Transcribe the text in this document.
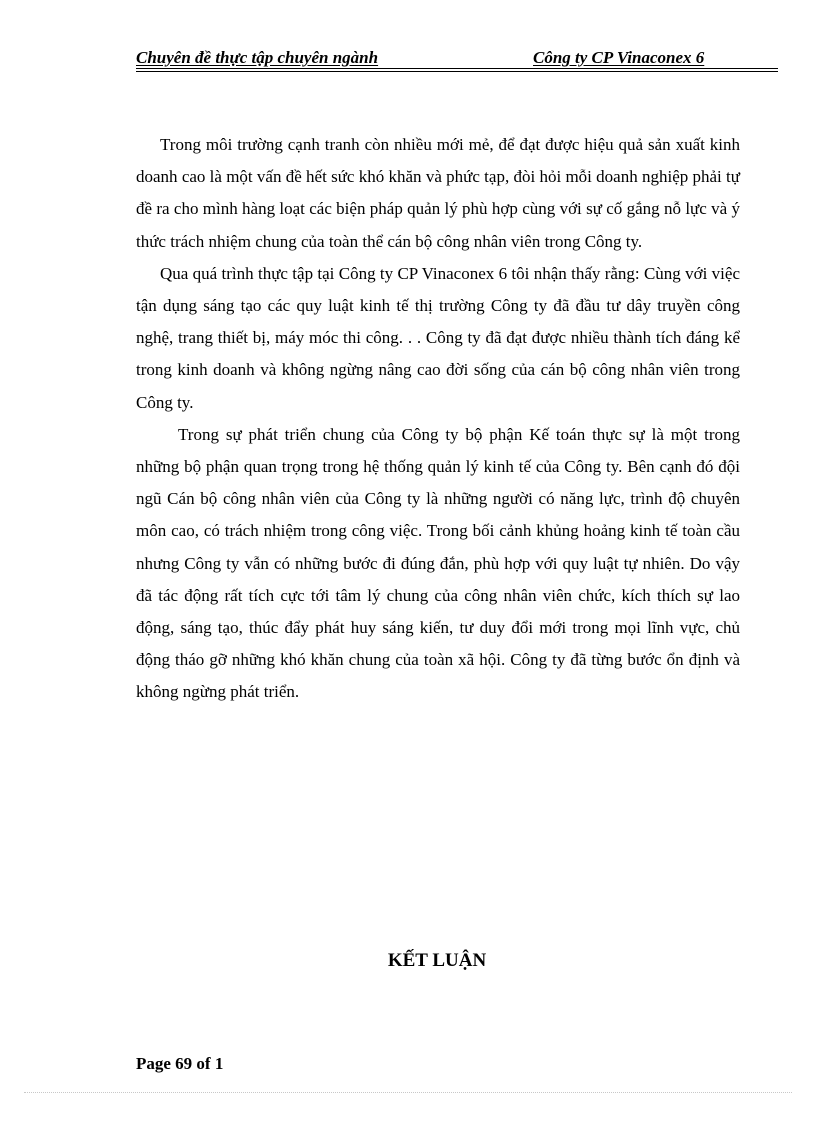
Chuyên đề thực tập chuyên ngành	Công ty CP Vinaconex 6

Trong môi trường cạnh tranh còn nhiều mới mẻ, để đạt được hiệu quả sản xuất kinh doanh cao là một vấn đề hết sức khó khăn và phức tạp, đòi hỏi mỗi doanh nghiệp phải tự đề ra cho mình hàng loạt các biện pháp quản lý phù hợp cùng với sự cố gắng nỗ lực và ý thức trách nhiệm chung của toàn thể cán bộ công nhân viên trong Công ty.

Qua quá trình thực tập tại Công ty CP Vinaconex 6 tôi nhận thấy rằng: Cùng với việc tận dụng sáng tạo các quy luật kinh tế thị trường Công ty đã đầu tư dây truyền công nghệ, trang thiết bị, máy móc thi công. . . Công ty đã đạt được nhiều thành tích đáng kể trong kinh doanh và không ngừng nâng cao đời sống của cán bộ công nhân viên trong Công ty.

Trong sự phát triển chung của Công ty bộ phận Kế toán thực sự là một trong những bộ phận quan trọng trong hệ thống quản lý kinh tế của Công ty. Bên cạnh đó đội ngũ Cán bộ công nhân viên của Công ty là những người có năng lực, trình độ chuyên môn cao, có trách nhiệm trong công việc. Trong bối cảnh khủng hoảng kinh tế toàn cầu nhưng Công ty vẫn có những bước đi đúng đắn, phù hợp với quy luật tự nhiên. Do vậy đã tác động rất tích cực tới tâm lý chung của công nhân viên chức, kích thích sự lao động, sáng tạo, thúc đẩy phát huy sáng kiến, tư duy đổi mới trong mọi lĩnh vực, chủ động tháo gỡ những khó khăn chung của toàn xã hội. Công ty đã từng bước ổn định và không ngừng phát triển.

KẾT LUẬN
Page 69 of 1
